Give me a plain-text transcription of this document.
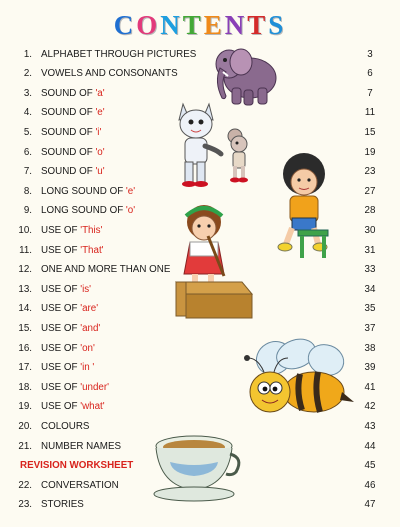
CONTENTS
1. ALPHABET THROUGH PICTURES	3
2. VOWELS AND CONSONANTS	6
3. SOUND OF 'a'	7
4. SOUND OF 'e'	11
5. SOUND OF 'i'	15
6. SOUND OF 'o'	19
7. SOUND OF 'u'	23
8. LONG SOUND OF 'e'	27
9. LONG SOUND OF 'o'	28
10. USE OF 'This'	30
11. USE OF 'That'	31
12. ONE AND MORE THAN ONE	33
13. USE OF 'is'	34
14. USE OF 'are'	35
15. USE OF 'and'	37
16. USE OF 'on'	38
17. USE OF 'in '	39
18. USE OF 'under'	41
19. USE OF 'what'	42
20. COLOURS	43
21. NUMBER NAMES	44
REVISION WORKSHEET	45
22. CONVERSATION	46
23. STORIES	47
